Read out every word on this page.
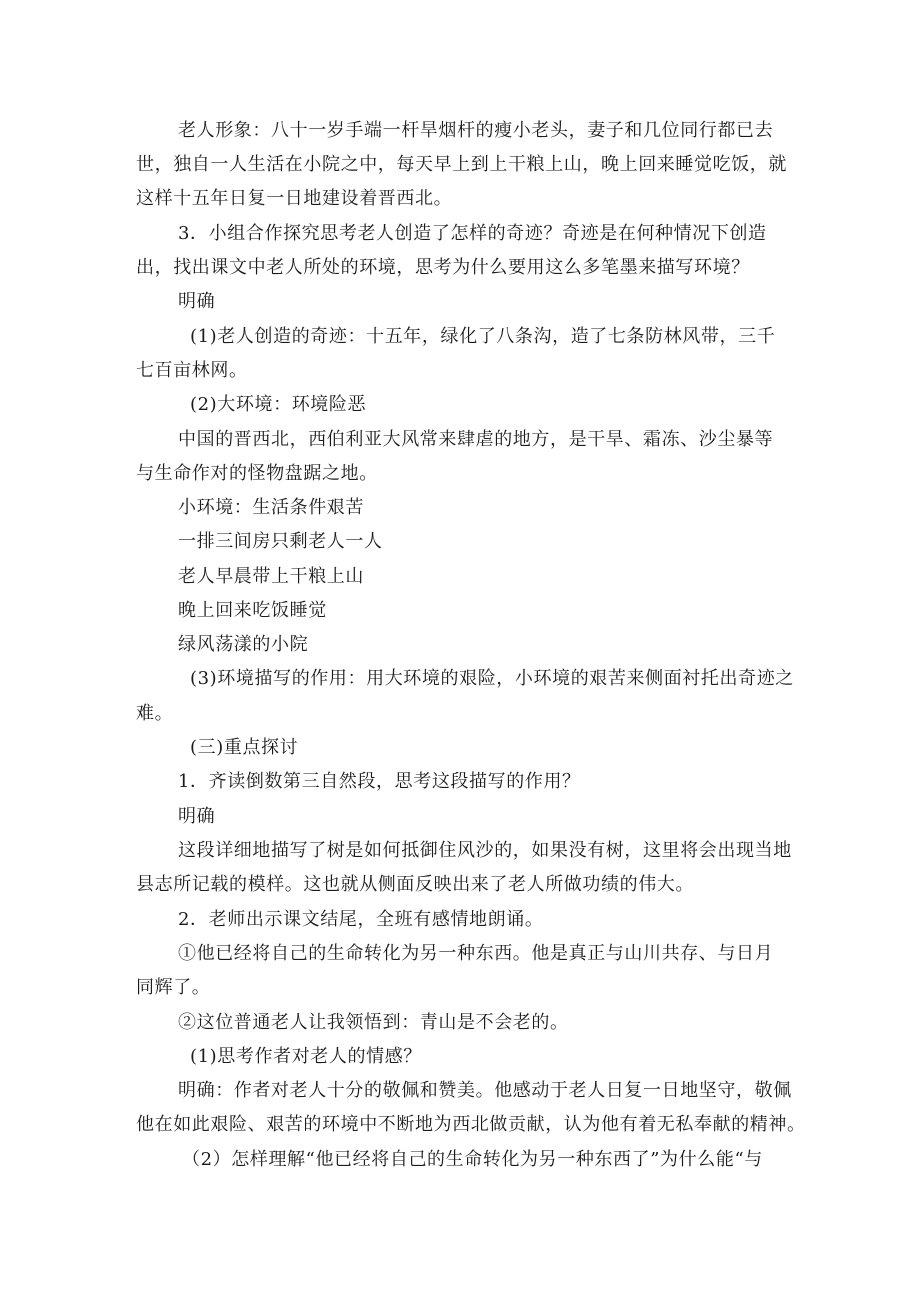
老人形象：八十一岁手端一杆旱烟杆的瘦小老头，妻子和几位同行都已去
世，独自一人生活在小院之中，每天早上到上干粮上山，晚上回来睡觉吃饭，就
这样十五年日复一日地建设着晋西北。
3．小组合作探究思考老人创造了怎样的奇迹？奇迹是在何种情况下创造
出，找出课文中老人所处的环境，思考为什么要用这么多笔墨来描写环境？
明确
(1)老人创造的奇迹：十五年，绿化了八条沟，造了七条防林风带，三千
七百亩林网。
(2)大环境：环境险恶
中国的晋西北，西伯利亚大风常来肆虐的地方，是干旱、霜冻、沙尘暴等
与生命作对的怪物盘踞之地。
小环境：生活条件艰苦
一排三间房只剩老人一人
老人早晨带上干粮上山
晚上回来吃饭睡觉
绿风荡漾的小院
(3)环境描写的作用：用大环境的艰险，小环境的艰苦来侧面衬托出奇迹之
难。
(三)重点探讨
1．齐读倒数第三自然段，思考这段描写的作用？
明确
这段详细地描写了树是如何抵御住风沙的，如果没有树，这里将会出现当地
县志所记载的模样。这也就从侧面反映出来了老人所做功绩的伟大。
2．老师出示课文结尾，全班有感情地朗诵。
①他已经将自己的生命转化为另一种东西。他是真正与山川共存、与日月
同辉了。
②这位普通老人让我领悟到：青山是不会老的。
(1)思考作者对老人的情感？
明确：作者对老人十分的敬佩和赞美。他感动于老人日复一日地坚守，敬佩
他在如此艰险、艰苦的环境中不断地为西北做贡献，认为他有着无私奉献的精神。
（2）怎样理解“他已经将自己的生命转化为另一种东西了”为什么能“与
